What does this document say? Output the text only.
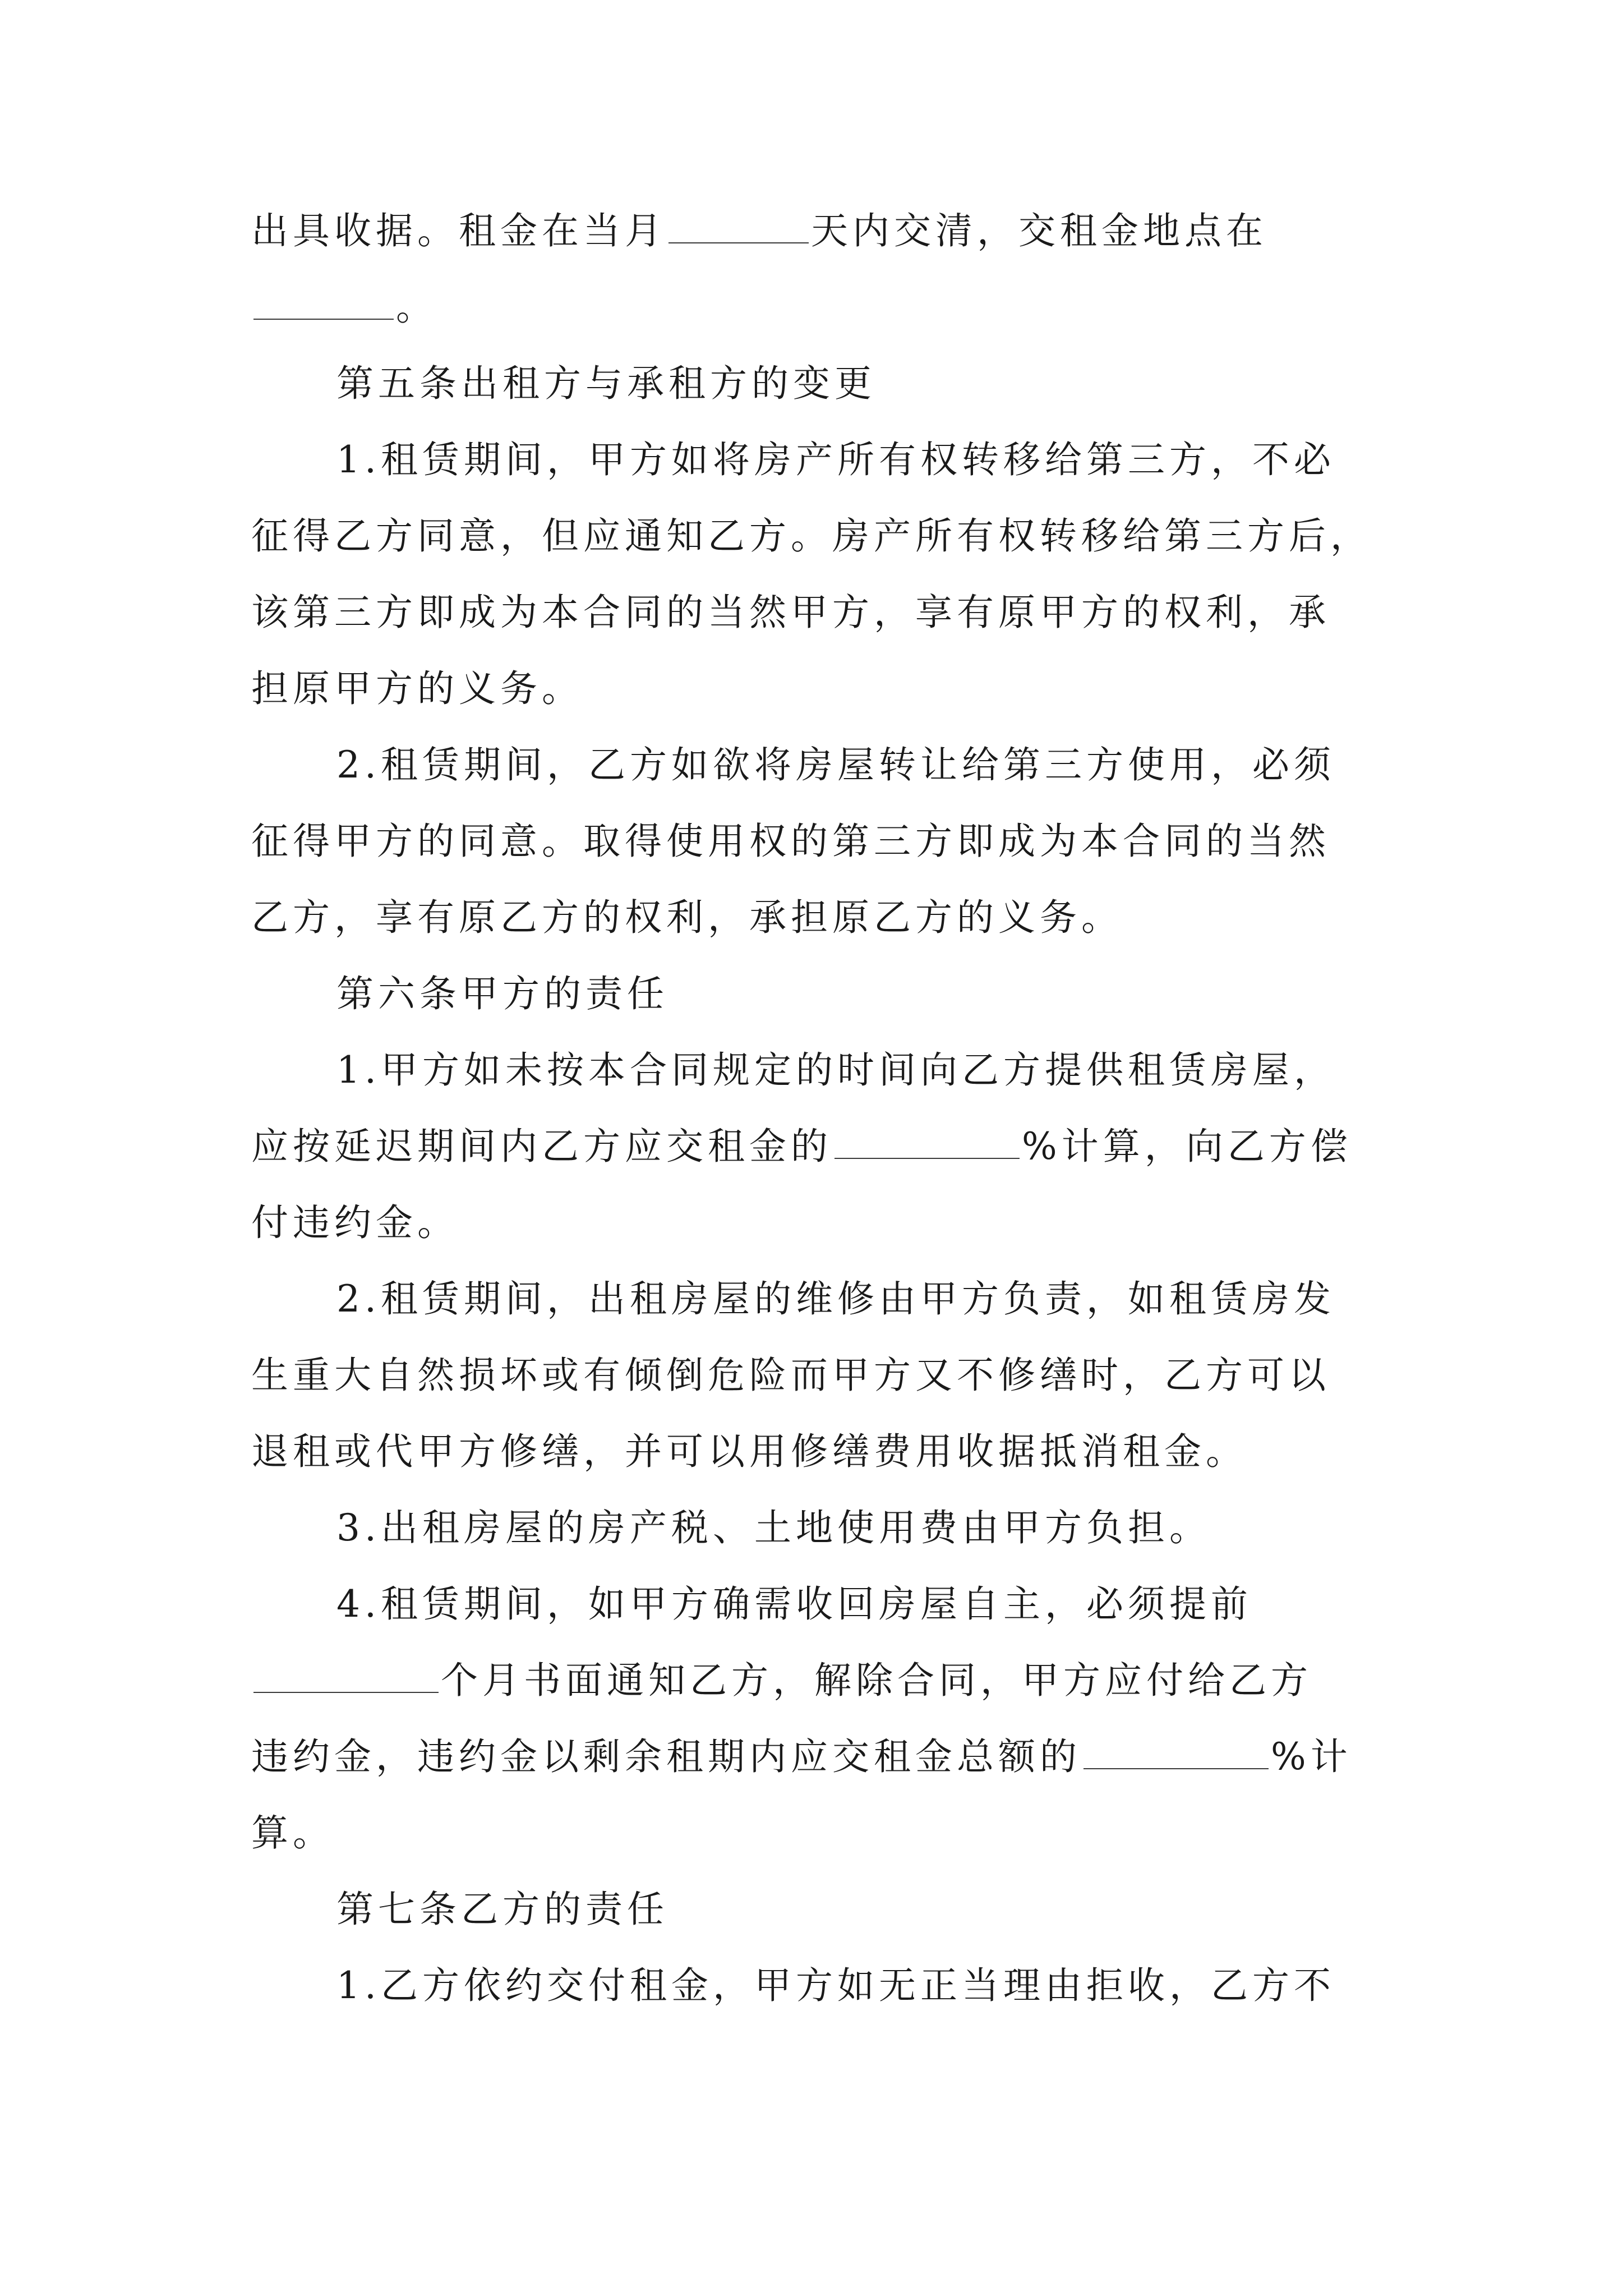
出具收据。租金在当月	天内交清，交租金地点在
。
第五条出租方与承租方的变更
1.租赁期间，甲方如将房产所有权转移给第三方，不必
征得乙方同意，但应通知乙方。房产所有权转移给第三方后，
该第三方即成为本合同的当然甲方，享有原甲方的权利，承
担原甲方的义务。
2.租赁期间，乙方如欲将房屋转让给第三方使用，必须
征得甲方的同意。取得使用权的第三方即成为本合同的当然
乙方，享有原乙方的权利，承担原乙方的义务。
第六条甲方的责任
1.甲方如未按本合同规定的时间向乙方提供租赁房屋，
应按延迟期间内乙方应交租金的	%计算，向乙方偿
付违约金。
2.租赁期间，出租房屋的维修由甲方负责，如租赁房发
生重大自然损坏或有倾倒危险而甲方又不修缮时，乙方可以
退租或代甲方修缮，并可以用修缮费用收据抵消租金。
3.出租房屋的房产税、土地使用费由甲方负担。
4.租赁期间，如甲方确需收回房屋自主，必须提前
个月书面通知乙方，解除合同，甲方应付给乙方
违约金，违约金以剩余租期内应交租金总额的	%计
算。
第七条乙方的责任
1.乙方依约交付租金，甲方如无正当理由拒收，乙方不
